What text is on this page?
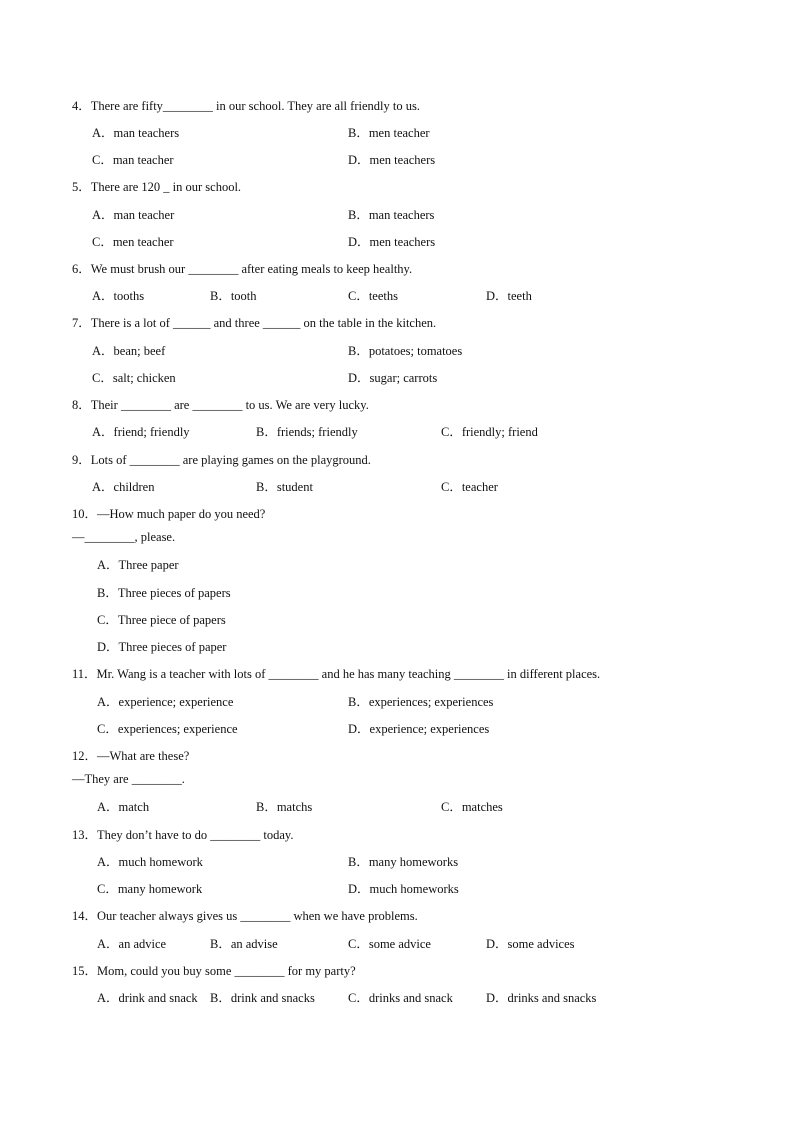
4．There are fifty________ in our school. They are all friendly to us.
A．man teachers	B．men teacher
C．man teacher	D．men teachers
5．There are 120 _ in our school.
A．man teacher	B．man teachers
C．men teacher	D．men teachers
6．We must brush our ________ after eating meals to keep healthy.
A．tooths	B．tooth	C．teeths	D．teeth
7．There is a lot of ______ and three ______ on the table in the kitchen.
A．bean; beef	B．potatoes; tomatoes
C．salt; chicken	D．sugar; carrots
8．Their ________ are ________ to us. We are very lucky.
A．friend; friendly	B．friends; friendly	C．friendly; friend
9．Lots of ________ are playing games on the playground.
A．children	B．student	C．teacher
10．—How much paper do you need?
—________, please.
A．Three paper
B．Three pieces of papers
C．Three piece of papers
D．Three pieces of paper
11．Mr. Wang is a teacher with lots of ________ and he has many teaching ________ in different places.
A．experience; experience	B．experiences; experiences
C．experiences; experience	D．experience; experiences
12．—What are these?
—They are ________.
A．match	B．matchs	C．matches
13．They don’t have to do ________ today.
A．much homework	B．many homeworks
C．many homework	D．much homeworks
14．Our teacher always gives us ________ when we have problems.
A．an advice	B．an advise	C．some advice	D．some advices
15．Mom, could you buy some ________ for my party?
A．drink and snack B．drink and snacks	C．drinks and snack	D．drinks and snacks
